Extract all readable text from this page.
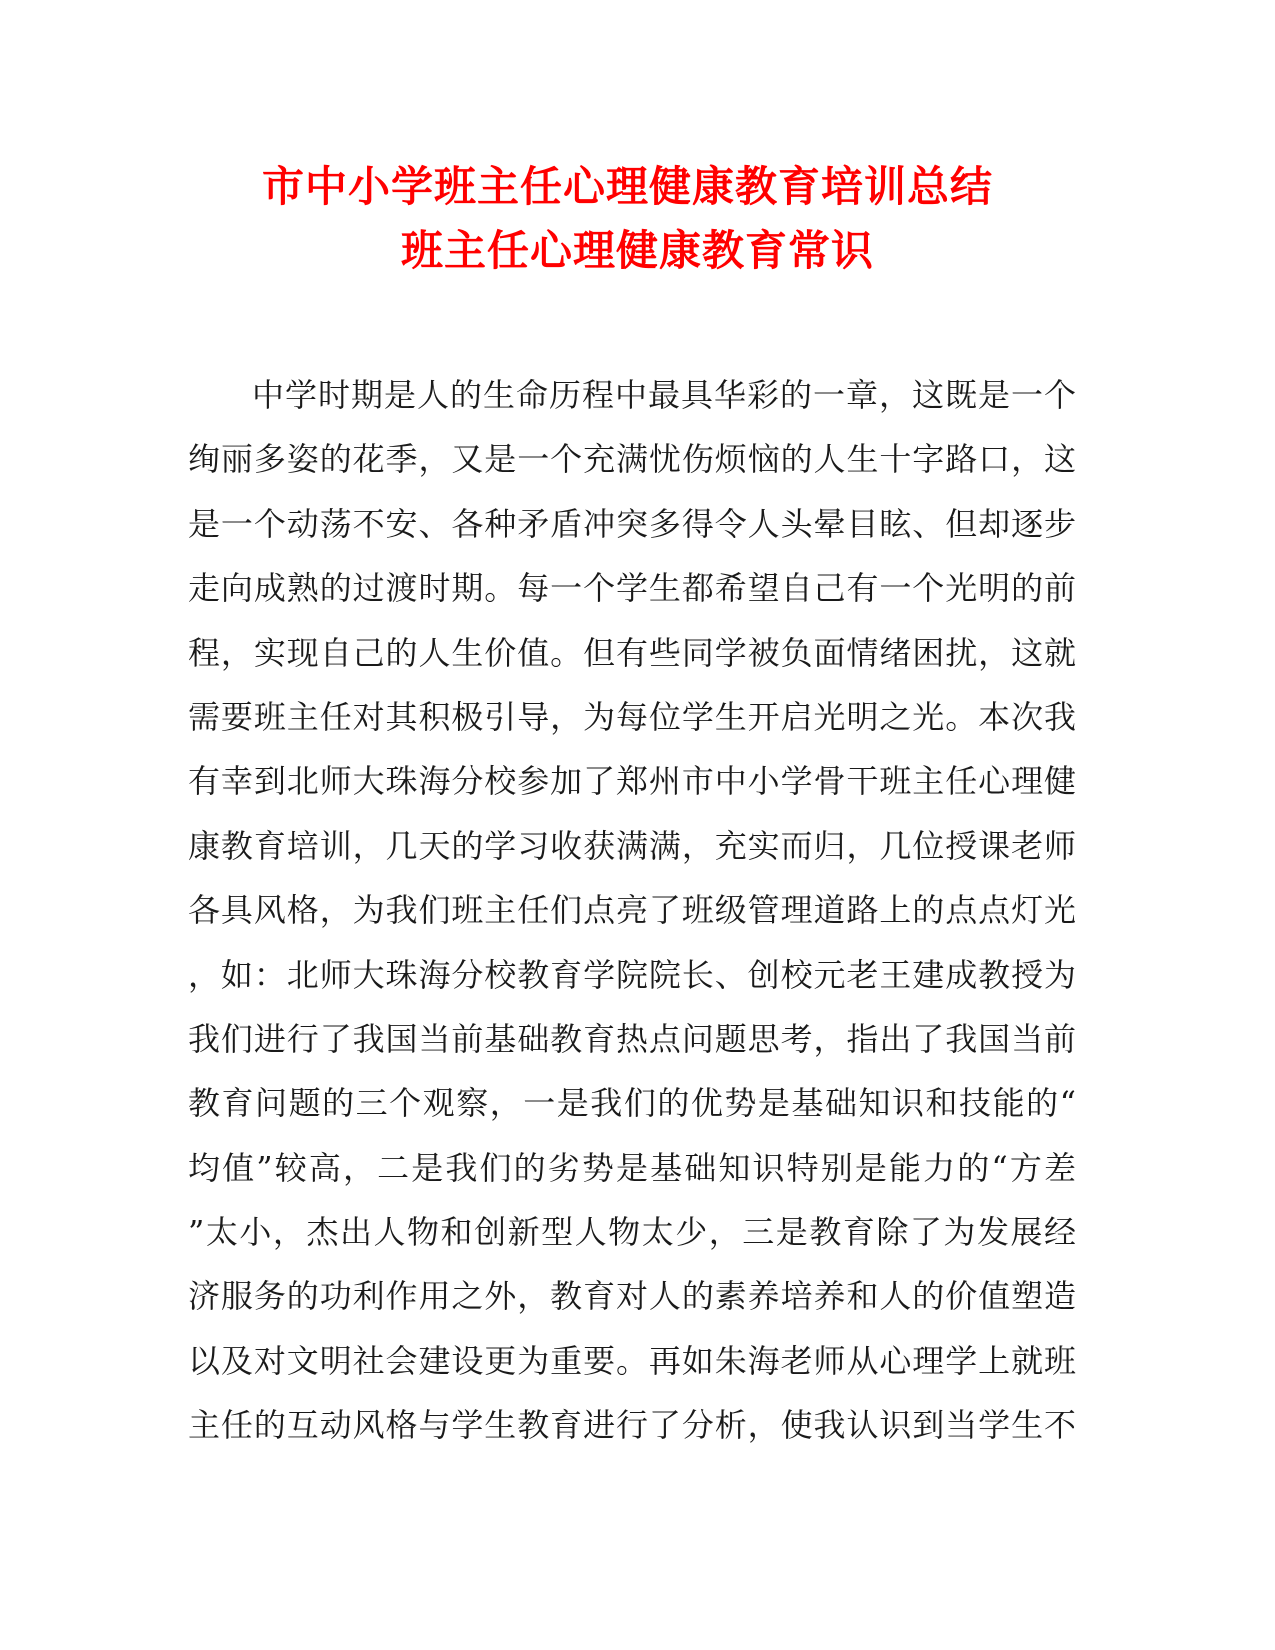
市中小学班主任心理健康教育培训总结
班主任心理健康教育常识
中学时期是人的生命历程中最具华彩的一章，这既是一个
绚丽多姿的花季，又是一个充满忧伤烦恼的人生十字路口，这
是一个动荡不安、各种矛盾冲突多得令人头晕目眩、但却逐步
走向成熟的过渡时期。每一个学生都希望自己有一个光明的前
程，实现自己的人生价值。但有些同学被负面情绪困扰，这就
需要班主任对其积极引导，为每位学生开启光明之光。本次我
有幸到北师大珠海分校参加了郑州市中小学骨干班主任心理健
康教育培训，几天的学习收获满满，充实而归，几位授课老师
各具风格，为我们班主任们点亮了班级管理道路上的点点灯光
，如：北师大珠海分校教育学院院长、创校元老王建成教授为
我们进行了我国当前基础教育热点问题思考，指出了我国当前
教育问题的三个观察，一是我们的优势是基础知识和技能的“
均值”较高，二是我们的劣势是基础知识特别是能力的“方差
”太小，杰出人物和创新型人物太少，三是教育除了为发展经
济服务的功利作用之外，教育对人的素养培养和人的价值塑造
以及对文明社会建设更为重要。再如朱海老师从心理学上就班
主任的互动风格与学生教育进行了分析，使我认识到当学生不
